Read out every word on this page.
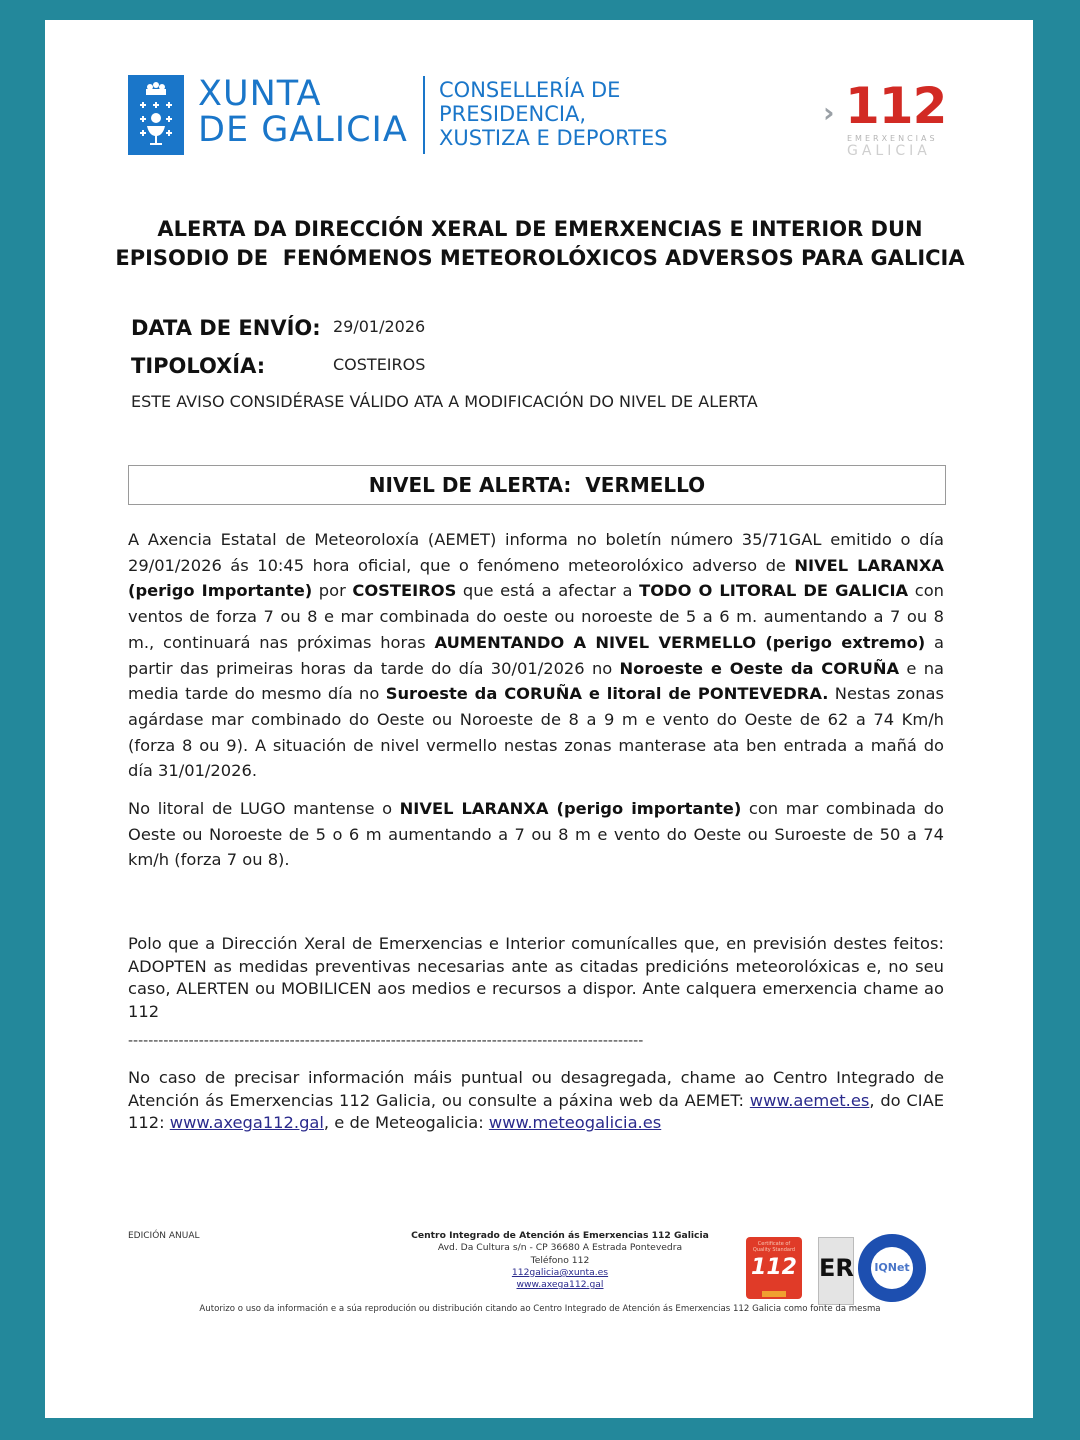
XUNTA
DE GALICIA
CONSELLERÍA DE
PRESIDENCIA,
XUSTIZA E DEPORTES
› 112
EMERXENCIAS
GALICIA
ALERTA DA DIRECCIÓN XERAL DE EMERXENCIAS E INTERIOR DUN
EPISODIO DE  FENÓMENOS METEOROLÓXICOS ADVERSOS PARA GALICIA
DATA DE ENVÍO: 29/01/2026
TIPOLOXÍA:	COSTEIROS
ESTE AVISO CONSIDÉRASE VÁLIDO ATA A MODIFICACIÓN DO NIVEL DE ALERTA
NIVEL DE ALERTA:  VERMELLO
A Axencia Estatal de Meteoroloxía (AEMET) informa no boletín número 35/71GAL emitido o día 29/01/2026 ás 10:45 hora oficial, que o fenómeno meteorolóxico adverso de NIVEL LARANXA (perigo Importante) por COSTEIROS que está a afectar a TODO O LITORAL DE GALICIA con ventos de forza 7 ou 8 e mar combinada do oeste ou noroeste de 5 a 6 m. aumentando a 7 ou 8 m., continuará nas próximas horas AUMENTANDO A NIVEL VERMELLO (perigo extremo) a partir das primeiras horas da tarde do día 30/01/2026 no Noroeste e Oeste da CORUÑA e na media tarde do mesmo día no Suroeste da CORUÑA e litoral de PONTEVEDRA. Nestas zonas agárdase mar combinado do Oeste ou Noroeste de 8 a 9 m e vento do Oeste de 62 a 74 Km/h (forza 8 ou 9). A situación de nivel vermello nestas zonas manterase ata ben entrada a mañá do día 31/01/2026.
No litoral de LUGO mantense o NIVEL LARANXA (perigo importante) con mar combinada do Oeste ou Noroeste de 5 o 6 m aumentando a 7 ou 8 m e vento do Oeste ou Suroeste de 50 a 74 km/h (forza 7 ou 8).
Polo que a Dirección Xeral de Emerxencias e Interior comunícalles que, en previsión destes feitos: ADOPTEN as medidas preventivas necesarias ante as citadas predicións meteorolóxicas e, no seu caso, ALERTEN ou MOBILICEN aos medios e recursos a dispor. Ante calquera emerxencia chame ao 112
------------------------------------------------------------------------------------------------------
No caso de precisar información máis puntual ou desagregada, chame ao Centro Integrado de Atención ás Emerxencias 112 Galicia, ou consulte a páxina web da AEMET: www.aemet.es, do CIAE 112: www.axega112.gal, e de Meteogalicia: www.meteogalicia.es
EDICIÓN ANUAL	Centro Integrado de Atención ás Emerxencias 112 Galicia
Avd. Da Cultura s/n - CP 36680 A Estrada Pontevedra
Teléfono 112
112galicia@xunta.es
www.axega112.gal
Certificate of Quality Standard
112 ER IQNet
Autorizo o uso da información e a súa reprodución ou distribución citando ao Centro Integrado de Atención ás Emerxencias 112 Galicia como fonte da mesma
